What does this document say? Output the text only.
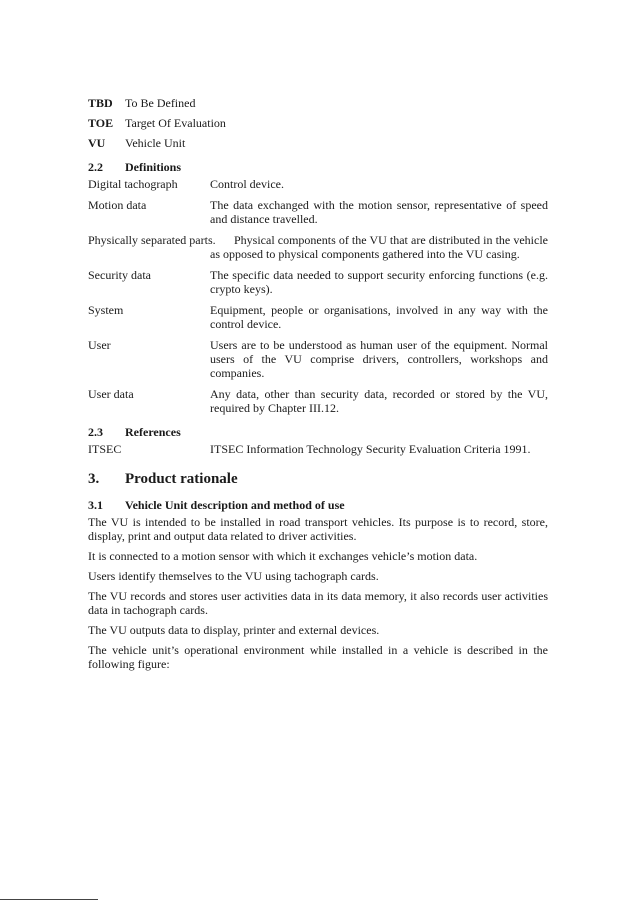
TBD	To Be Defined
TOE Target Of Evaluation
VU	Vehicle Unit
2.2	Definitions
Digital tachograph	Control device.
Motion data	The data exchanged with the motion sensor, representative of speed and distance travelled.
Physically separated parts.	Physical components of the VU that are distributed in the vehicle as opposed to physical components gathered into the VU casing.
Security data	The specific data needed to support security enforcing functions (e.g. crypto keys).
System	Equipment, people or organisations, involved in any way with the control device.
User	Users are to be understood as human user of the equipment. Normal users of the VU comprise drivers, controllers, workshops and companies.
User data	Any data, other than security data, recorded or stored by the VU, required by Chapter III.12.
2.3	References
ITSEC	ITSEC Information Technology Security Evaluation Criteria 1991.
3.	Product rationale
3.1	Vehicle Unit description and method of use
The VU is intended to be installed in road transport vehicles. Its purpose is to record, store, display, print and output data related to driver activities.
It is connected to a motion sensor with which it exchanges vehicle’s motion data.
Users identify themselves to the VU using tachograph cards.
The VU records and stores user activities data in its data memory, it also records user activities data in tachograph cards.
The VU outputs data to display, printer and external devices.
The vehicle unit’s operational environment while installed in a vehicle is described in the following figure:
